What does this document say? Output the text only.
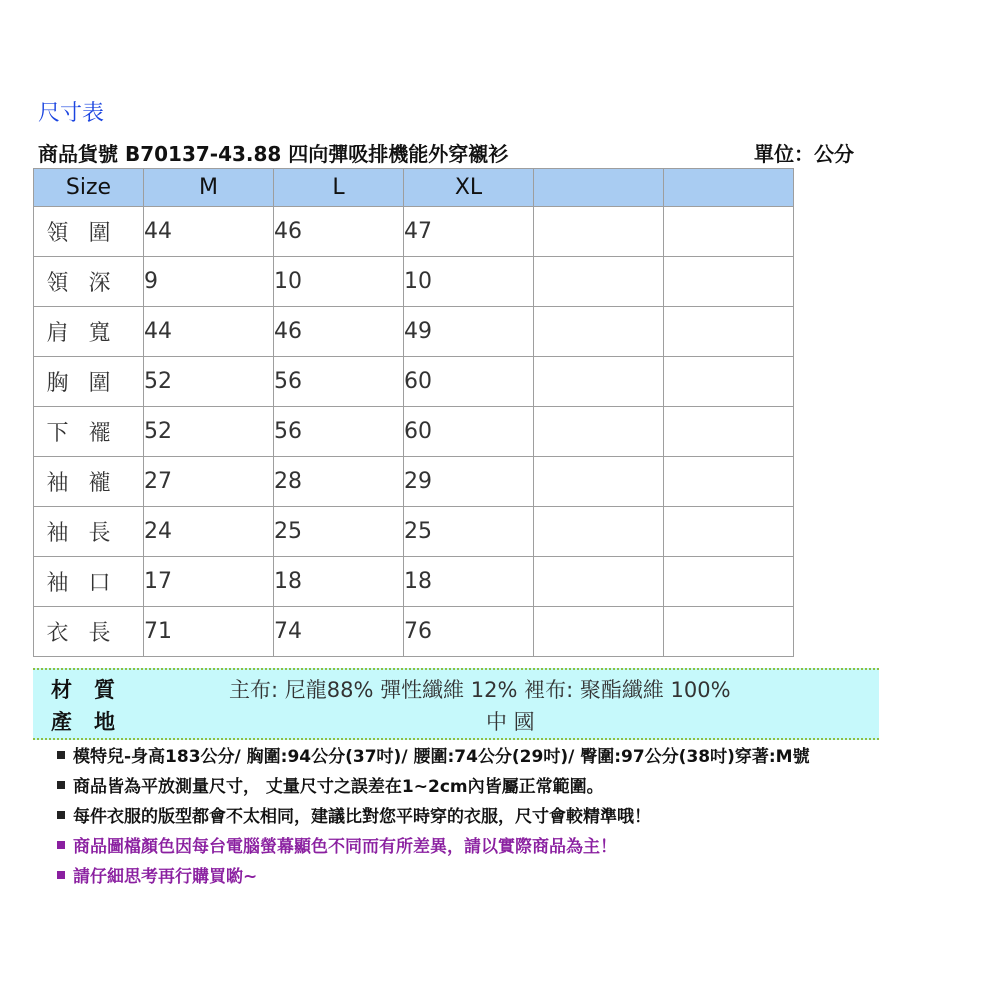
尺寸表
商品貨號 B70137-43.88 四向彈吸排機能外穿襯衫	單位：公分
Size	M	L	XL		
領圍	44	46	47		
領深	9	10	10		
肩寬	44	46	49		
胸圍	52	56	60		
下襬	52	56	60		
袖襱	27	28	29		
袖長	24	25	25		
袖口	17	18	18		
衣長	71	74	76		
材質	主布: 尼龍88% 彈性纖維 12% 裡布: 聚酯纖維 100%
產地	中 國
模特兒-身高183公分/ 胸圍:94公分(37吋)/ 腰圍:74公分(29吋)/ 臀圍:97公分(38吋)穿著:M號
商品皆為平放測量尺寸， 丈量尺寸之誤差在1~2cm內皆屬正常範圍。
每件衣服的版型都會不太相同，建議比對您平時穿的衣服，尺寸會較精準哦！
商品圖檔顏色因每台電腦螢幕顯色不同而有所差異，請以實際商品為主！
請仔細思考再行購買喲~
